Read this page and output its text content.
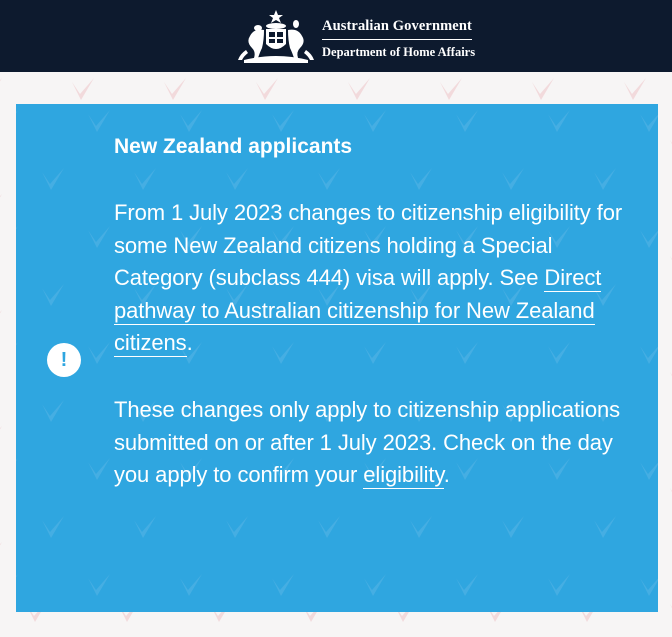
Australian Government
Department of Home Affairs
!
New Zealand applicants

From 1 July 2023 changes to citizenship eligibility for some New Zealand citizens holding a Special Category (subclass 444) visa will apply. See Direct pathway to Australian citizenship for New Zealand citizens.

These changes only apply to citizenship applications submitted on or after 1 July 2023. Check on the day you apply to confirm your eligibility.
